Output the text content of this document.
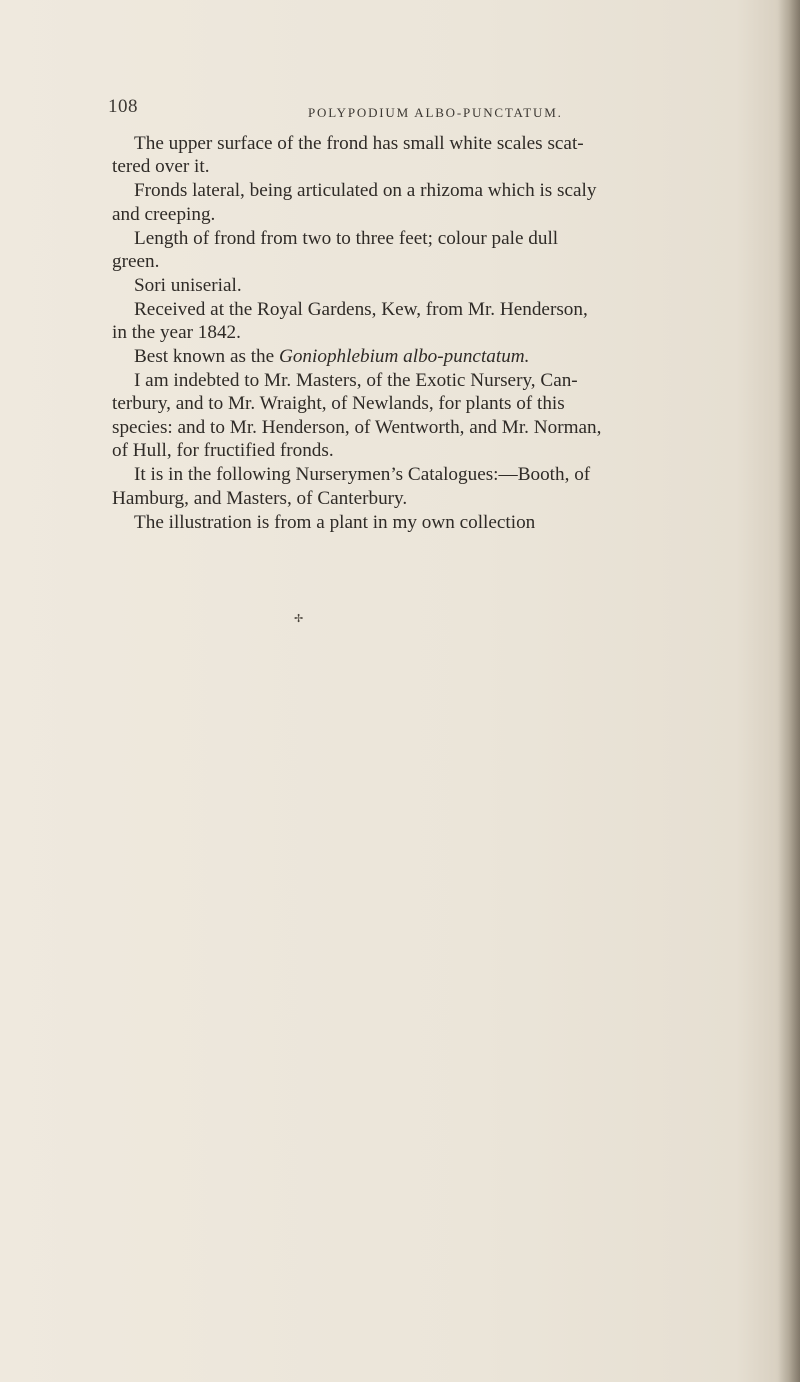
108	POLYPODIUM ALBO-PUNCTATUM.

The upper surface of the frond has small white scales scat-
tered over it.

Fronds lateral, being articulated on a rhizoma which is scaly
and creeping.

Length of frond from two to three feet; colour pale dull
green.

Sori uniserial.

Received at the Royal Gardens, Kew, from Mr. Henderson,
in the year 1842.

Best known as the Goniophlebium albo-punctatum.

I am indebted to Mr. Masters, of the Exotic Nursery, Can-
terbury, and to Mr. Wraight, of Newlands, for plants of this
species: and to Mr. Henderson, of Wentworth, and Mr. Norman,
of Hull, for fructified fronds.

It is in the following Nurserymen’s Catalogues:—Booth, of
Hamburg, and Masters, of Canterbury.

The illustration is from a plant in my own collection

✢
